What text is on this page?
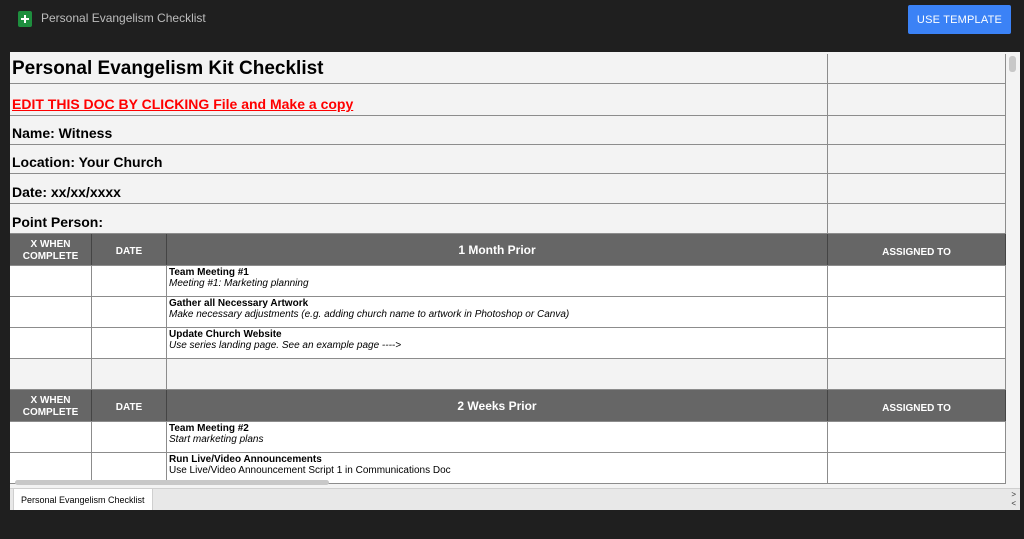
Personal Evangelism Checklist	USE TEMPLATE
Personal Evangelism Kit Checklist
EDIT THIS DOC BY CLICKING File and Make a copy
Name: Witness
Location: Your Church
Date: xx/xx/xxxx
Point Person:
X WHEN COMPLETE	DATE	1 Month Prior	ASSIGNED TO
Team Meeting #1
Meeting #1: Marketing planning
Gather all Necessary Artwork
Make necessary adjustments (e.g. adding church name to artwork in Photoshop or Canva)
Update Church Website
Use series landing page. See an example page ---->
X WHEN COMPLETE	DATE	2 Weeks Prior	ASSIGNED TO
Team Meeting #2
Start marketing plans
Run Live/Video Announcements
Use Live/Video Announcement Script 1 in Communications Doc
Personal Evangelism Checklist	>
<
